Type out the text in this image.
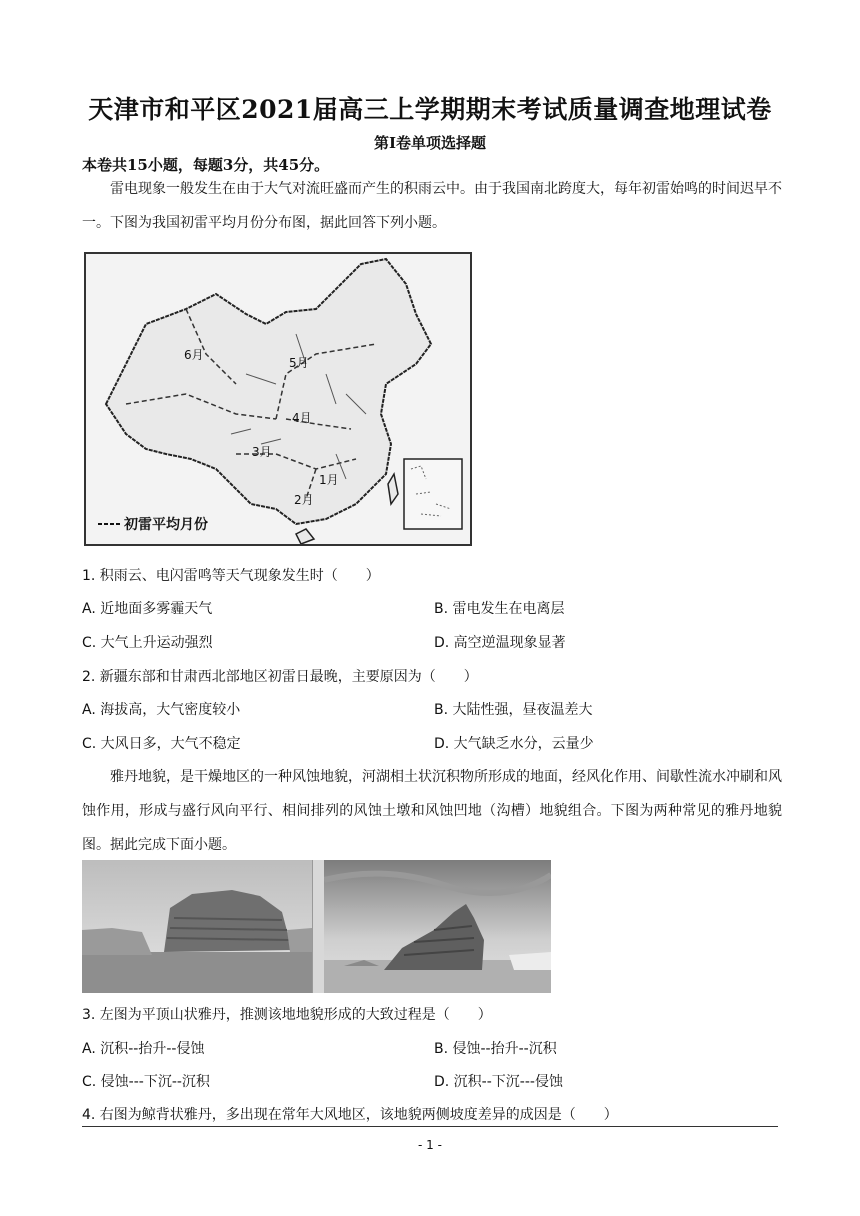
天津市和平区2021届高三上学期期末考试质量调查地理试卷
第Ⅰ卷单项选择题
本卷共15小题，每题3分，共45分。
雷电现象一般发生在由于大气对流旺盛而产生的积雨云中。由于我国南北跨度大，每年初雷始鸣的时间迟早不一。下图为我国初雷平均月份分布图，据此回答下列小题。
6月
5月
4月
3月
1月
2月
初雷平均月份
1. 积雨云、电闪雷鸣等天气现象发生时（　　）
A. 近地面多雾霾天气	B. 雷电发生在电离层
C. 大气上升运动强烈	D. 高空逆温现象显著
2. 新疆东部和甘肃西北部地区初雷日最晚，主要原因为（　　）
A. 海拔高，大气密度较小	B. 大陆性强，昼夜温差大
C. 大风日多，大气不稳定	D. 大气缺乏水分，云量少
雅丹地貌，是干燥地区的一种风蚀地貌，河湖相土状沉积物所形成的地面，经风化作用、间歇性流水冲刷和风蚀作用，形成与盛行风向平行、相间排列的风蚀土墩和风蚀凹地（沟槽）地貌组合。下图为两种常见的雅丹地貌图。据此完成下面小题。
3. 左图为平顶山状雅丹，推测该地地貌形成的大致过程是（　　）
A. 沉积--抬升--侵蚀	B. 侵蚀--抬升--沉积
C. 侵蚀---下沉--沉积	D. 沉积--下沉---侵蚀
4. 右图为鲸背状雅丹，多出现在常年大风地区，该地貌两侧坡度差异的成因是（　　）
- 1 -
